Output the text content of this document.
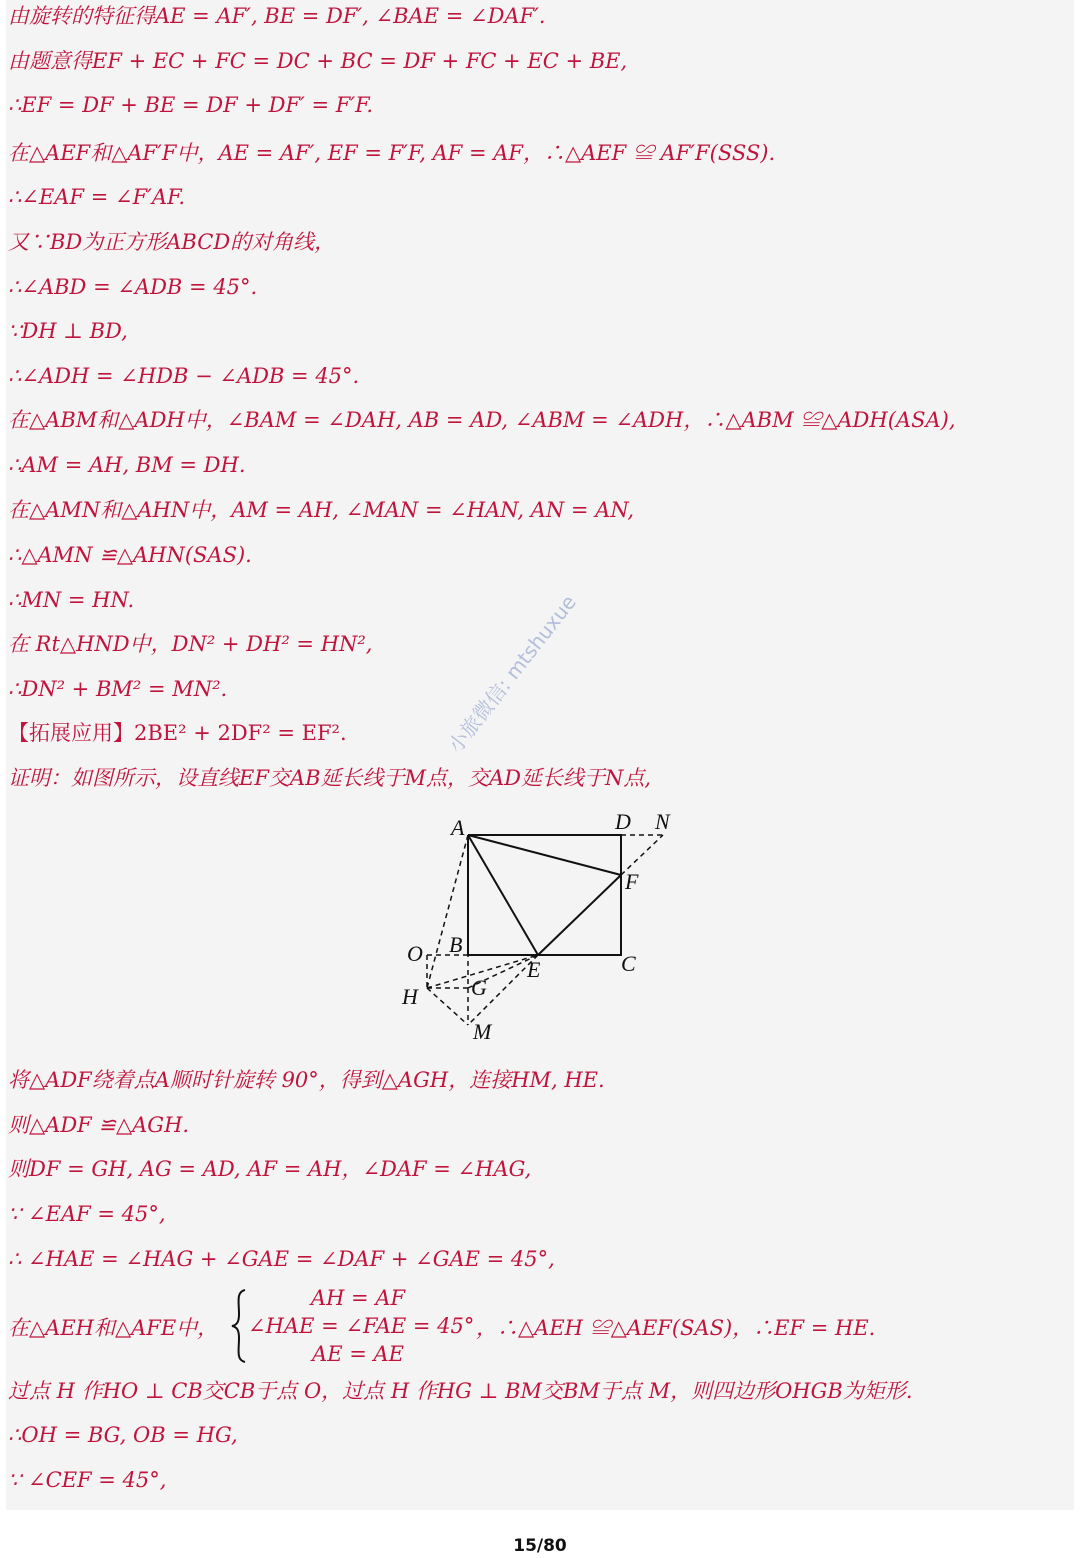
由旋转的特征得AE = AF′, BE = DF′, ∠BAE = ∠DAF′.
由题意得EF + EC + FC = DC + BC = DF + FC + EC + BE,
∴EF = DF + BE = DF + DF′ = F′F.
在△AEF和△AF′F中，AE = AF′, EF = F′F, AF = AF，∴△AEF ≌ AF′F(SSS).
∴∠EAF = ∠F′AF.
又∵BD为正方形ABCD的对角线，
∴∠ABD = ∠ADB = 45°.
∵DH ⊥ BD,
∴∠ADH = ∠HDB − ∠ADB = 45°.
在△ABM和△ADH中，∠BAM = ∠DAH, AB = AD, ∠ABM = ∠ADH，∴△ABM ≌△ADH(ASA),
∴AM = AH, BM = DH.
在△AMN和△AHN中，AM = AH, ∠MAN = ∠HAN, AN = AN,
∴△AMN ≌△AHN(SAS).
∴MN = HN.
在 Rt△HND中，DN² + DH² = HN²,
∴DN² + BM² = MN².
【拓展应用】2BE² + 2DF² = EF².
证明：如图所示，设直线EF交AB延长线于M点，交AD延长线于N点,
小旅微信: mtshuxue
A	D N
F
O B
E	C
H G
M
将△ADF绕着点A顺时针旋转 90°，得到△AGH，连接HM, HE.
则△ADF ≌△AGH.
则DF = GH, AG = AD, AF = AH，∠DAF = ∠HAG,
∵ ∠EAF = 45°,
∴ ∠HAE = ∠HAG + ∠GAE = ∠DAF + ∠GAE = 45°,
在△AEH和△AFE中，
AH = AF
∠HAE = ∠FAE = 45°
AE = AE
，∴△AEH ≌△AEF(SAS)，∴EF = HE.
过点 H 作HO ⊥ CB交CB于点 O，过点 H 作HG ⊥ BM交BM于点 M，则四边形OHGB为矩形.
∴OH = BG, OB = HG,
∵ ∠CEF = 45°,
15/80
